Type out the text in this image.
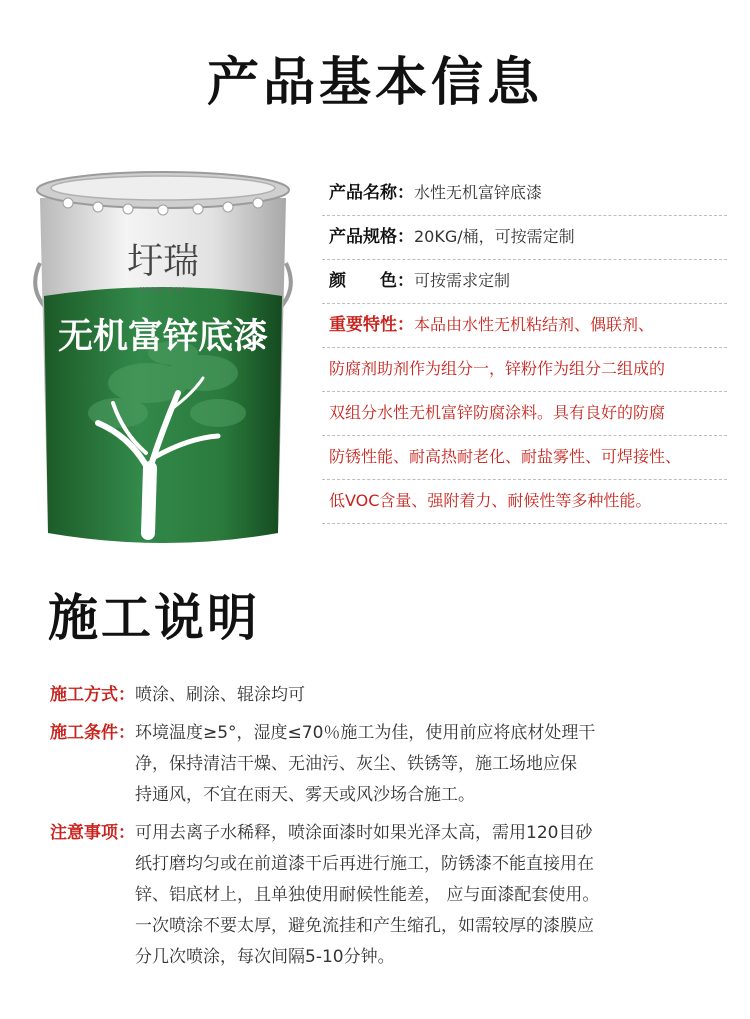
产品基本信息
圩瑞
XIAN RUI
无机富锌底漆
产品名称： 水性无机富锌底漆
产品规格： 20KG/桶，可按需定制
颜　　色： 可按需求定制
重要特性： 本品由水性无机粘结剂、偶联剂、
防腐剂助剂作为组分一，锌粉作为组分二组成的
双组分水性无机富锌防腐涂料。具有良好的防腐
防锈性能、耐高热耐老化、耐盐雾性、可焊接性、
低VOC含量、强附着力、耐候性等多种性能。
施工说明
施工方式： 喷涂、刷涂、辊涂均可
施工条件： 环境温度≥5°，湿度≤70％施工为佳，使用前应将底材处理干
净，保持清洁干燥、无油污、灰尘、铁锈等，施工场地应保
持通风，不宜在雨天、雾天或风沙场合施工。
注意事项： 可用去离子水稀释，喷涂面漆时如果光泽太高，需用120目砂
纸打磨均匀或在前道漆干后再进行施工，防锈漆不能直接用在
锌、铝底材上，且单独使用耐候性能差， 应与面漆配套使用。
一次喷涂不要太厚，避免流挂和产生缩孔，如需较厚的漆膜应
分几次喷涂，每次间隔5-10分钟。
